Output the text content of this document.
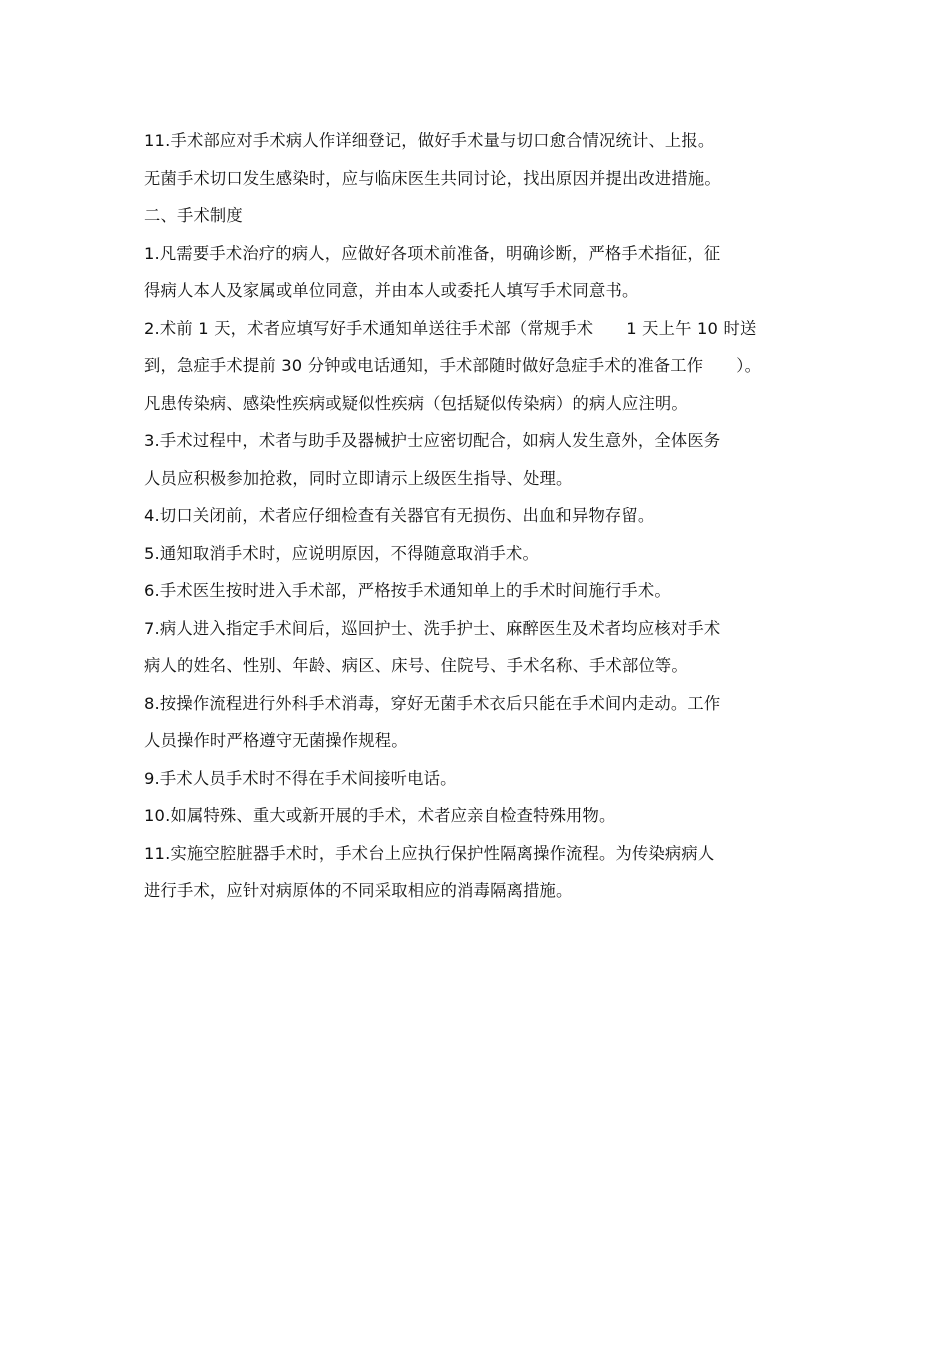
11.手术部应对手术病人作详细登记，做好手术量与切口愈合情况统计、上报。
无菌手术切口发生感染时，应与临床医生共同讨论，找出原因并提出改进措施。
二、手术制度
1.凡需要手术治疗的病人，应做好各项术前准备，明确诊断，严格手术指征，征
得病人本人及家属或单位同意，并由本人或委托人填写手术同意书。
2.术前 1 天，术者应填写好手术通知单送往手术部（常规手术　　1 天上午 10 时送
到，急症手术提前 30 分钟或电话通知，手术部随时做好急症手术的准备工作　　）。
凡患传染病、感染性疾病或疑似性疾病（包括疑似传染病）的病人应注明。
3.手术过程中，术者与助手及器械护士应密切配合，如病人发生意外，全体医务
人员应积极参加抢救，同时立即请示上级医生指导、处理。
4.切口关闭前，术者应仔细检查有关器官有无损伤、出血和异物存留。
5.通知取消手术时，应说明原因，不得随意取消手术。
6.手术医生按时进入手术部，严格按手术通知单上的手术时间施行手术。
7.病人进入指定手术间后，巡回护士、洗手护士、麻醉医生及术者均应核对手术
病人的姓名、性别、年龄、病区、床号、住院号、手术名称、手术部位等。
8.按操作流程进行外科手术消毒，穿好无菌手术衣后只能在手术间内走动。工作
人员操作时严格遵守无菌操作规程。
9.手术人员手术时不得在手术间接听电话。
10.如属特殊、重大或新开展的手术，术者应亲自检查特殊用物。
11.实施空腔脏器手术时，手术台上应执行保护性隔离操作流程。为传染病病人
进行手术，应针对病原体的不同采取相应的消毒隔离措施。
